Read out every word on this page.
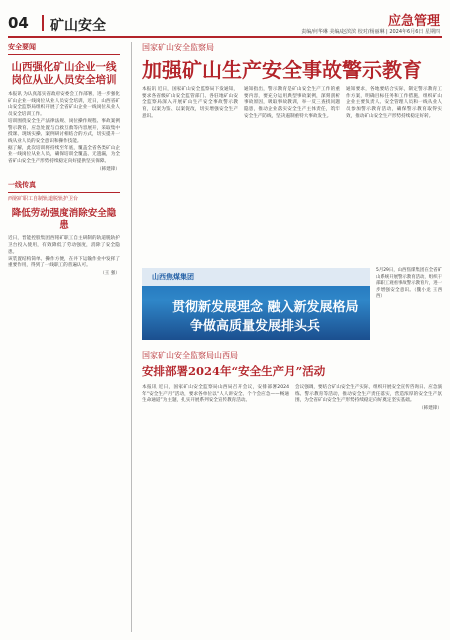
04 矿山安全	应急管理
责编/何华琳 美编/赵滨滨 校对/杨丽琳 | 2024年6月6日 星期四
安全要闻
山西强化矿山企业一线岗位从业人员安全培训

本报讯 为认真落实省政府安委会工作部署，进一步强化矿山企业一线岗位从业人员安全培训，近日，山西省矿山安全监察局组织开展了全省矿山企业一线岗位从业人员安全培训工作。

培训围绕安全生产法律法规、岗位操作规程、事故案例警示教育、应急处置与自救互救等内容展开，采取集中授课、现场实操、案例研讨相结合的方式，切实提升一线从业人员的安全意识和操作技能。

据了解，此次培训将持续至年底，覆盖全省各类矿山企业一线岗位从业人员，确保培训全覆盖、无遗漏，为全省矿山安全生产形势持续稳定向好提供坚实保障。

（韩建锋）

一线传真
西铭矿职工自制轨道脱轨护卫台
降低劳动强度消除安全隐患

近日，晋能控股集团西铭矿职工自主研制的轨道脱轨护卫台投入使用，有效降低了劳动强度，消除了安全隐患。

该装置结构简单、操作方便，在井下运输作业中发挥了重要作用，得到了一线职工的普遍认可。

（王 强）

国家矿山安全监察局
加强矿山生产安全事故警示教育

本报讯 近日，国家矿山安全监察局下发通知，要求各省级矿山安全监管部门、各驻地矿山安全监察局深入开展矿山生产安全事故警示教育，以案为鉴、以案促改，切实增强安全生产意识。

通知指出，警示教育是矿山安全生产工作的重要内容，要充分运用典型事故案例，深刻剖析事故原因，吸取事故教训，举一反三查找问题隐患，推动企业落实安全生产主体责任，筑牢安全生产防线，坚决遏制重特大事故发生。

通知要求，各地要结合实际，制定警示教育工作方案，明确目标任务和工作措施，组织矿山企业主要负责人、安全管理人员和一线从业人员参加警示教育活动，确保警示教育取得实效，推动矿山安全生产形势持续稳定好转。

山西焦煤集团
贯彻新发展理念 融入新发展格局
争做高质量发展排头兵

5月29日，山西焦煤集团在全省矿山系统开展警示教育活动，组织干部职工观看事故警示教育片，进一步增强安全意识。（魏小龙 王西西）

国家矿山安全监察局山西局
安排部署2024年“安全生产月”活动

本报讯 近日，国家矿山安全监察局山西局召开会议，安排部署2024年“安全生产月”活动，要求各单位以“人人讲安全、个个会应急——畅通生命通道”为主题，扎实开展系列安全宣传教育活动。

会议强调，要结合矿山安全生产实际，组织开展安全宣传咨询日、应急演练、警示教育等活动，推动安全生产责任落实，营造浓厚的安全生产氛围，为全省矿山安全生产形势持续稳定向好奠定坚实基础。

（韩建锋）
